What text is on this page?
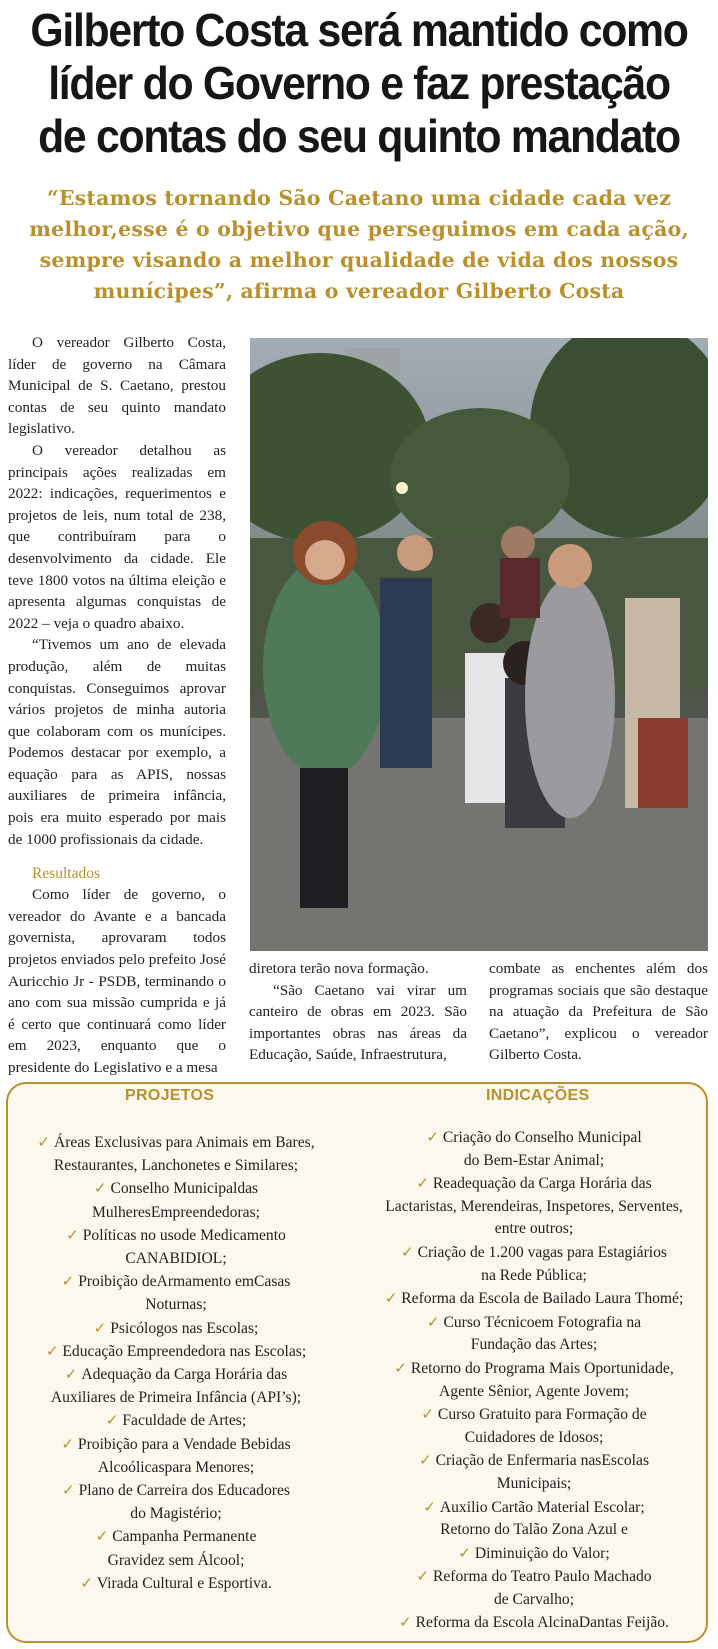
Gilberto Costa será mantido como líder do Governo e faz prestação de contas do seu quinto mandato
“Estamos tornando São Caetano uma cidade cada vez melhor,esse é o objetivo que perseguimos em cada ação, sempre visando a melhor qualidade de vida dos nossos munícipes”, afirma o vereador Gilberto Costa

O vereador Gilberto Costa, líder de governo na Câmara Municipal de S. Caetano, prestou contas de seu quinto mandato legislativo.

O vereador detalhou as principais ações realizadas em 2022: indicações, requerimentos e projetos de leis, num total de 238, que contribuíram para o desenvolvimento da cidade. Ele teve 1800 votos na última eleição e apresenta algumas conquistas de 2022 – veja o quadro abaixo.

“Tivemos um ano de elevada produção, além de muitas conquistas. Conseguimos aprovar vários projetos de minha autoria que colaboram com os munícipes. Podemos destacar por exemplo, a equação para as APIS, nossas auxiliares de primeira infância, pois era muito esperado por mais de 1000 profissionais da cidade.

Resultados

Como líder de governo, o vereador do Avante e a bancada governista, aprovaram todos projetos enviados pelo prefeito José Auricchio Jr - PSDB, terminando o ano com sua missão cumprida e já é certo que continuará como líder em 2023, enquanto que o presidente do Legislativo e a mesa

diretora terão nova formação.

“São Caetano vai virar um canteiro de obras em 2023. São importantes obras nas áreas da Educação, Saúde, Infraestrutura,

combate as enchentes além dos programas sociais que são destaque na atuação da Prefeitura de São Caetano”, explicou o vereador Gilberto Costa.

PROJETOS	INDICAÇÕES
✓ Áreas Exclusivas para Animais em Bares,
Restaurantes, Lanchonetes e Similares;
✓ Conselho Municipaldas
MulheresEmpreendedoras;
✓ Políticas no usode Medicamento
CANABIDIOL;
✓ Proibição deArmamento emCasas
Noturnas;
✓ Psicólogos nas Escolas;
✓ Educação Empreendedora nas Escolas;
✓ Adequação da Carga Horária das
Auxiliares de Primeira Infância (API’s);
✓ Faculdade de Artes;
✓ Proibição para a Vendade Bebidas
Alcoólicaspara Menores;
✓ Plano de Carreira dos Educadores
do Magistério;
✓ Campanha Permanente
Gravidez sem Álcool;
✓ Virada Cultural e Esportiva.
✓ Criação do Conselho Municipal
do Bem-Estar Animal;
✓ Readequação da Carga Horária das
Lactaristas, Merendeiras, Inspetores, Serventes,
entre outros;
✓ Criação de 1.200 vagas para Estagiários
na Rede Pública;
✓ Reforma da Escola de Bailado Laura Thomé;
✓ Curso Técnicoem Fotografia na
Fundação das Artes;
✓ Retorno do Programa Mais Oportunidade,
Agente Sênior, Agente Jovem;
✓ Curso Gratuito para Formação de
Cuidadores de Idosos;
✓ Criação de Enfermaria nasEscolas
Municipais;
✓ Auxilio Cartão Material Escolar;
Retorno do Talão Zona Azul e
✓ Diminuição do Valor;
✓ Reforma do Teatro Paulo Machado
de Carvalho;
✓ Reforma da Escola AlcinaDantas Feijão.
